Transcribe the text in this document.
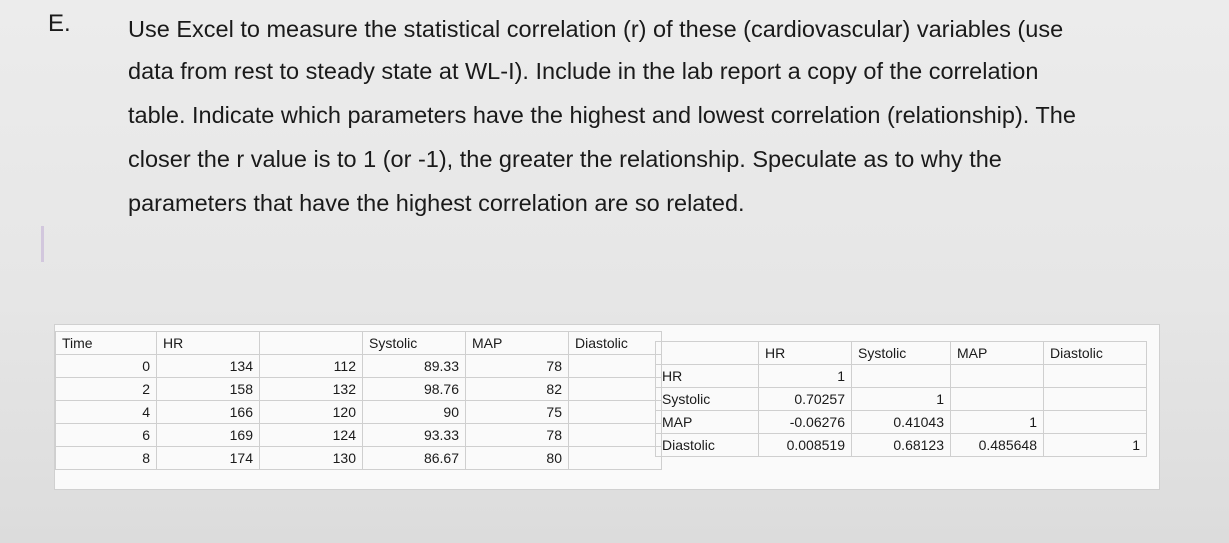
E. Use Excel to measure the statistical correlation (r) of these (cardiovascular) variables (use
data from rest to steady state at WL-I). Include in the lab report a copy of the correlation
table. Indicate which parameters have the highest and lowest correlation (relationship). The
closer the r value is to 1 (or -1), the greater the relationship. Speculate as to why the
parameters that have the highest correlation are so related.
Time	HR		Systolic	MAP	Diastolic
0	134	112	89.33	78	
2	158	132	98.76	82	
4	166	120	90	75	
6	169	124	93.33	78	
8	174	130	86.67	80	
	HR	Systolic	MAP	Diastolic
HR	1			
Systolic	0.70257	1		
MAP	-0.06276	0.41043	1	
Diastolic	0.008519	0.68123	0.485648	1
